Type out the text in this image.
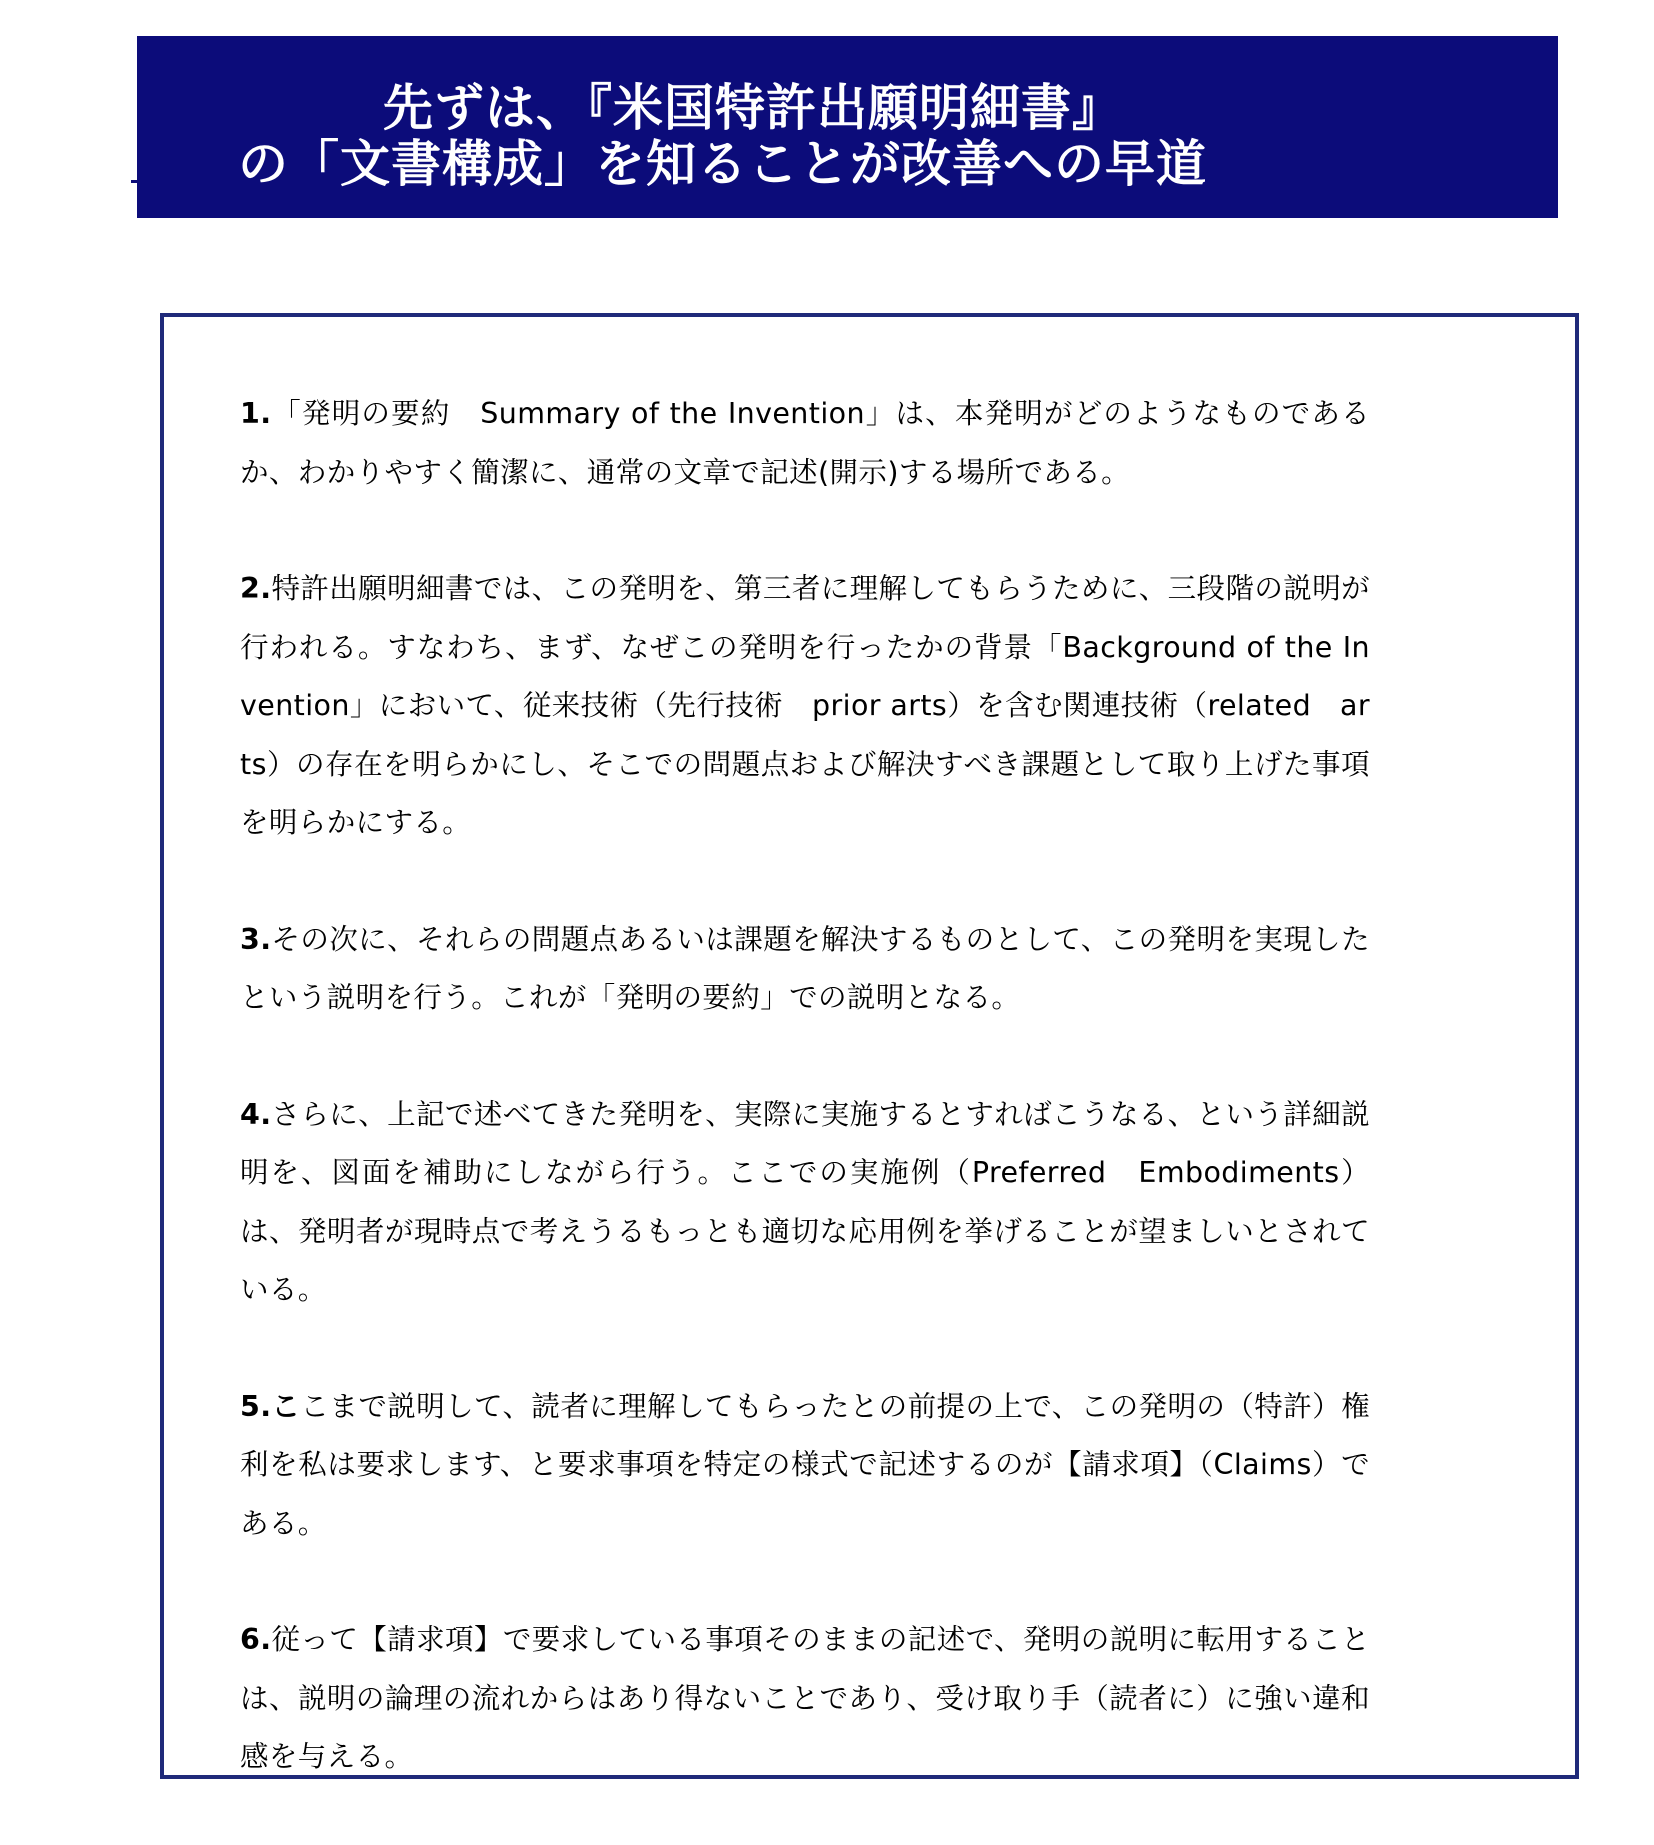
先ずは、『米国特許出願明細書』
の「文書構成」を知ることが改善への早道

1.「発明の要約　Summary of the Invention」は、本発明がどのようなものであるか、わかりやすく簡潔に、通常の文章で記述(開示)する場所である。

2.特許出願明細書では、この発明を、第三者に理解してもらうために、三段階の説明が行われる。すなわち、まず、なぜこの発明を行ったかの背景「Background of the Invention」において、従来技術（先行技術　prior arts）を含む関連技術（related　arts）の存在を明らかにし、そこでの問題点および解決すべき課題として取り上げた事項を明らかにする。

3.その次に、それらの問題点あるいは課題を解決するものとして、この発明を実現したという説明を行う。これが「発明の要約」での説明となる。

4.さらに、上記で述べてきた発明を、実際に実施するとすればこうなる、という詳細説明を、図面を補助にしながら行う。ここでの実施例（Preferred　Embodiments）は、発明者が現時点で考えうるもっとも適切な応用例を挙げることが望ましいとされている。

5.ここまで説明して、読者に理解してもらったとの前提の上で、この発明の（特許）権利を私は要求します、と要求事項を特定の様式で記述するのが【請求項】（Claims）である。

6.従って【請求項】で要求している事項そのままの記述で、発明の説明に転用することは、説明の論理の流れからはあり得ないことであり、受け取り手（読者に）に強い違和感を与える。
